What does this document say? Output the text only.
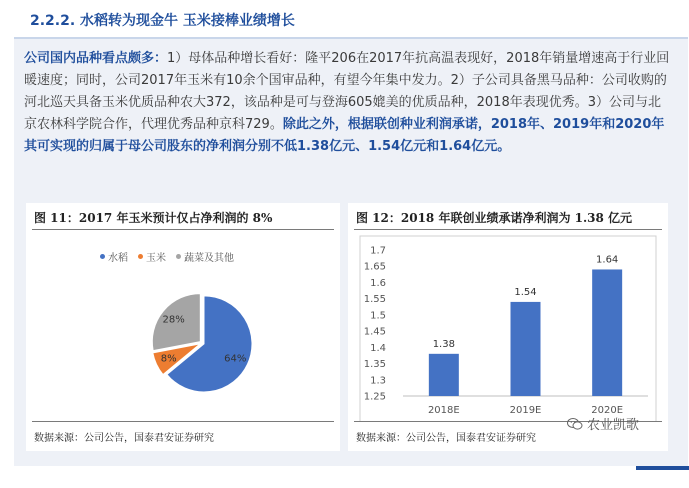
2.2.2. 水稻转为现金牛 玉米接棒业绩增长

公司国内品种看点颇多：1）母体品种增长看好：隆平206在2017年抗高温表现好，2018年销量增速高于行业回暖速度；同时，公司2017年玉米有10余个国审品种，有望今年集中发力。2）子公司具备黑马品种：公司收购的河北巡天具备玉米优质品种农大372，该品种是可与登海605媲美的优质品种，2018年表现优秀。3）公司与北京农林科学院合作，代理优秀品种京科729。除此之外，根据联创种业利润承诺，2018年、2019年和2020年其可实现的归属于母公司股东的净利润分别不低1.38亿元、1.54亿元和1.64亿元。

图 11：2017 年玉米预计仅占净利润的 8%
水稻 玉米 蔬菜及其他
64%
8%
28%
数据来源：公司公告，国泰君安证券研究
图 12：2018 年联创业绩承诺净利润为 1.38 亿元
1.25
1.3
1.35
1.4
1.45
1.5
1.55
1.6
1.65
1.7
1.38
2018E
1.54
2019E
1.64
2020E
数据来源：公司公告，国泰君安证券研究
农业凯歌
